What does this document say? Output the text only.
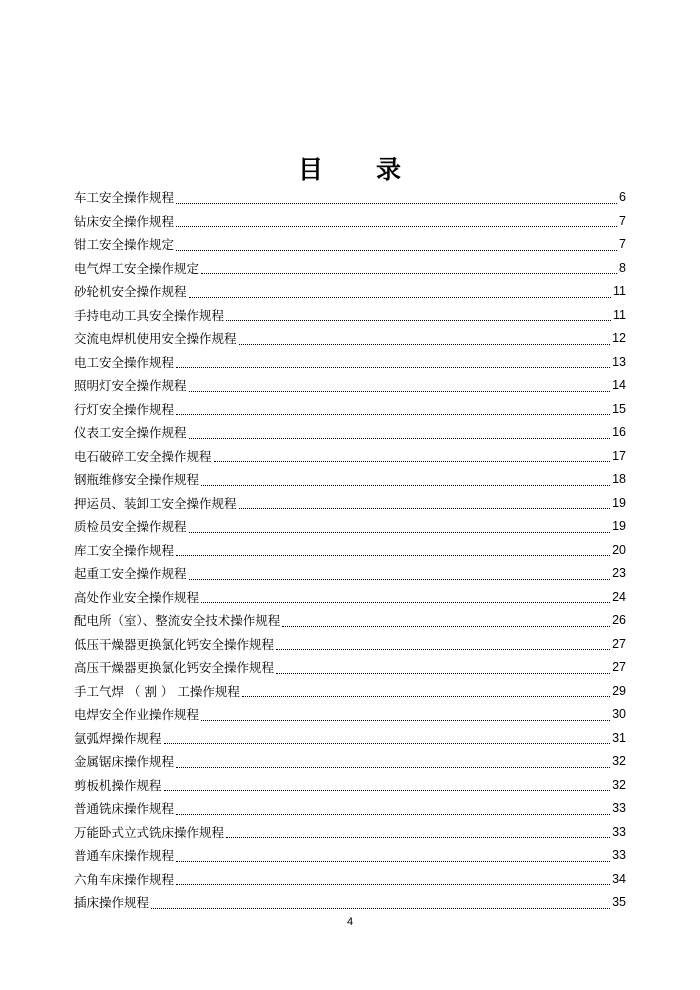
目　　录
车工安全操作规程	6
钻床安全操作规程	7
钳工安全操作规定	7
电气焊工安全操作规定	8
砂轮机安全操作规程	11
手持电动工具安全操作规程	11
交流电焊机使用安全操作规程	12
电工安全操作规程	13
照明灯安全操作规程	14
行灯安全操作规程	15
仪表工安全操作规程	16
电石破碎工安全操作规程	17
钢瓶维修安全操作规程	18
押运员、装卸工安全操作规程	19
质检员安全操作规程	19
库工安全操作规程	20
起重工安全操作规程	23
高处作业安全操作规程	24
配电所（室）、整流安全技术操作规程	26
低压干燥器更换氯化钙安全操作规程	27
高压干燥器更换氯化钙安全操作规程	27
手工气焊 （ 割 ） 工操作规程	29
电焊安全作业操作规程	30
氩弧焊操作规程	31
金属锯床操作规程	32
剪板机操作规程	32
普通铣床操作规程	33
万能卧式立式铣床操作规程	33
普通车床操作规程	33
六角车床操作规程	34
插床操作规程	35
4
